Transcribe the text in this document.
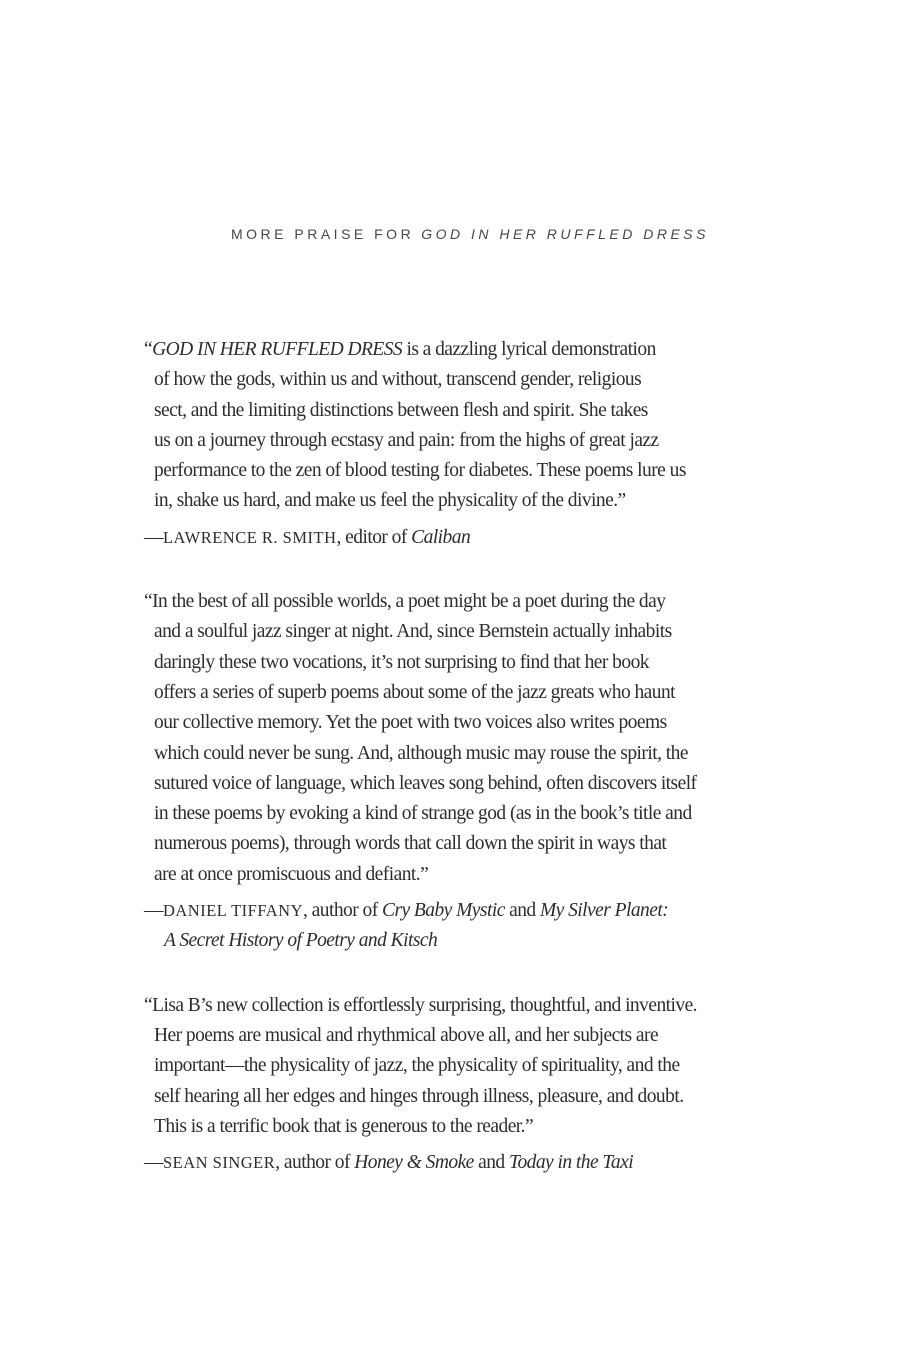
MORE PRAISE FOR GOD IN HER RUFFLED DRESS
“GOD IN HER RUFFLED DRESS is a dazzling lyrical demonstration
of how the gods, within us and without, transcend gender, religious
sect, and the limiting distinctions between flesh and spirit. She takes
us on a journey through ecstasy and pain: from the highs of great jazz
performance to the zen of blood testing for diabetes. These poems lure us
in, shake us hard, and make us feel the physicality of the divine.”
—LAWRENCE R. SMITH, editor of Caliban
“In the best of all possible worlds, a poet might be a poet during the day
and a soulful jazz singer at night. And, since Bernstein actually inhabits
daringly these two vocations, it’s not surprising to find that her book
offers a series of superb poems about some of the jazz greats who haunt
our collective memory. Yet the poet with two voices also writes poems
which could never be sung. And, although music may rouse the spirit, the
sutured voice of language, which leaves song behind, often discovers itself
in these poems by evoking a kind of strange god (as in the book’s title and
numerous poems), through words that call down the spirit in ways that
are at once promiscuous and defiant.”
—DANIEL TIFFANY, author of Cry Baby Mystic and My Silver Planet:
A Secret History of Poetry and Kitsch
“Lisa B’s new collection is effortlessly surprising, thoughtful, and inventive.
Her poems are musical and rhythmical above all, and her subjects are
important—the physicality of jazz, the physicality of spirituality, and the
self hearing all her edges and hinges through illness, pleasure, and doubt.
This is a terrific book that is generous to the reader.”
—SEAN SINGER, author of Honey & Smoke and Today in the Taxi
